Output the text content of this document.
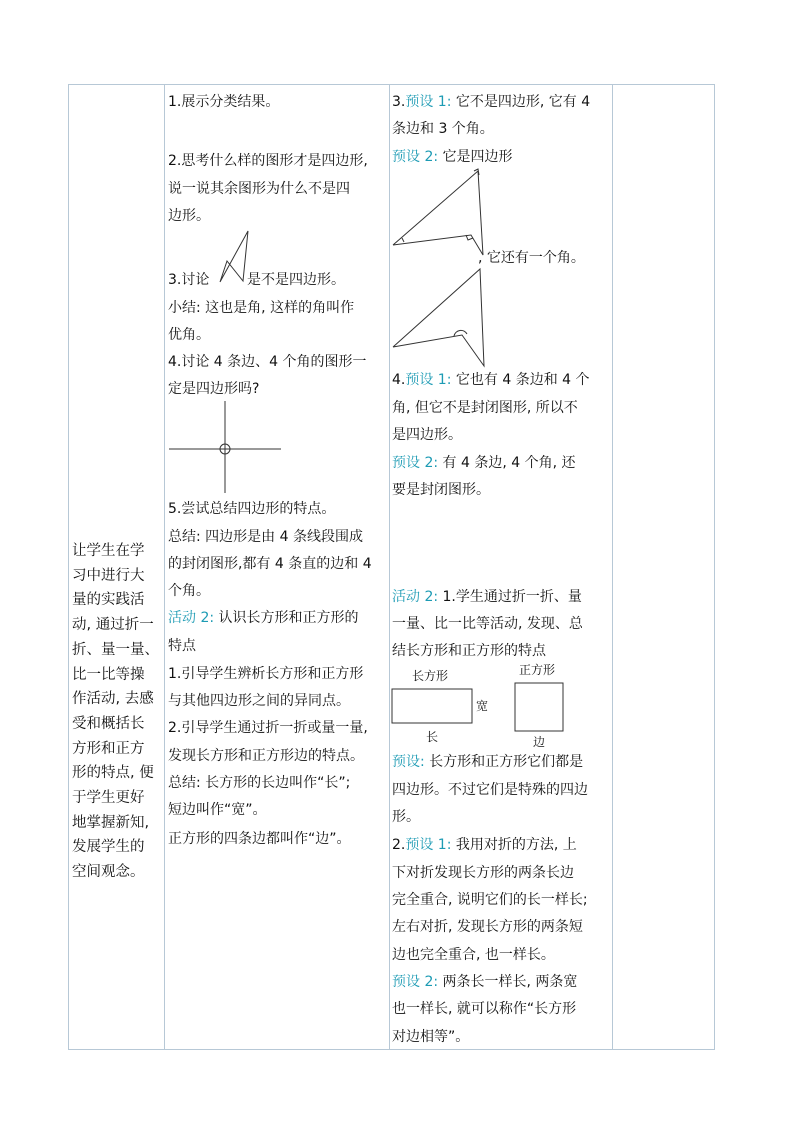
让学生在学
习中进行大
量的实践活
动, 通过折一
折、量一量、
比一比等操
作活动, 去感
受和概括长
方形和正方
形的特点, 便
于学生更好
地掌握新知,
发展学生的
空间观念。
1.展示分类结果。
2.思考什么样的图形才是四边形,
说一说其余图形为什么不是四
边形。
3.讨论	是不是四边形。
小结: 这也是角, 这样的角叫作
优角。
4.讨论 4 条边、4 个角的图形一
定是四边形吗?
5.尝试总结四边形的特点。
总结: 四边形是由 4 条线段围成
的封闭图形,都有 4 条直的边和 4
个角。
活动 2: 认识长方形和正方形的
特点
1.引导学生辨析长方形和正方形
与其他四边形之间的异同点。
2.引导学生通过折一折或量一量,
发现长方形和正方形边的特点。
总结: 长方形的长边叫作“长”;
短边叫作“宽”。
正方形的四条边都叫作“边”。
3.预设 1: 它不是四边形, 它有 4
条边和 3 个角。
预设 2: 它是四边形
, 它还有一个角。
4.预设 1: 它也有 4 条边和 4 个
角, 但它不是封闭图形, 所以不
是四边形。
预设 2: 有 4 条边, 4 个角, 还
要是封闭图形。
活动 2: 1.学生通过折一折、量
一量、比一比等活动, 发现、总
结长方形和正方形的特点
长方形
宽
长
正方形
边
预设: 长方形和正方形它们都是
四边形。不过它们是特殊的四边
形。
2.预设 1: 我用对折的方法, 上
下对折发现长方形的两条长边
完全重合, 说明它们的长一样长;
左右对折, 发现长方形的两条短
边也完全重合, 也一样长。
预设 2: 两条长一样长, 两条宽
也一样长, 就可以称作“长方形
对边相等”。
